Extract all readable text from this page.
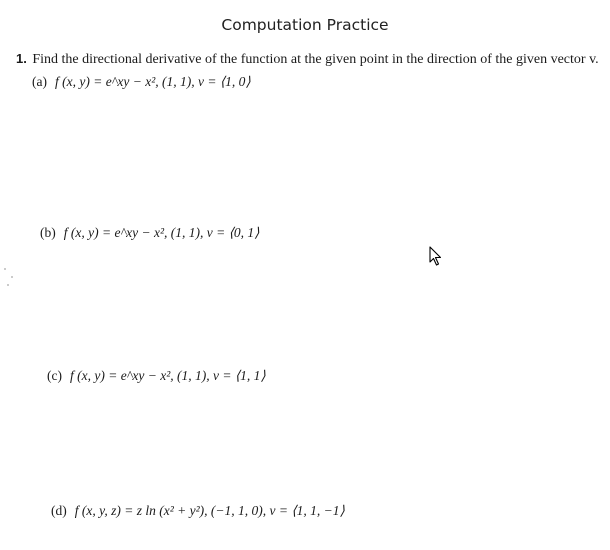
Computation Practice
1. Find the directional derivative of the function at the given point in the direction of the given vector v.
(a) f (x, y) = e^xy − x², (1, 1), v = ⟨1, 0⟩
(b) f (x, y) = e^xy − x², (1, 1), v = ⟨0, 1⟩
(c) f (x, y) = e^xy − x², (1, 1), v = ⟨1, 1⟩
(d) f (x, y, z) = z ln (x² + y²), (−1, 1, 0), v = ⟨1, 1, −1⟩
